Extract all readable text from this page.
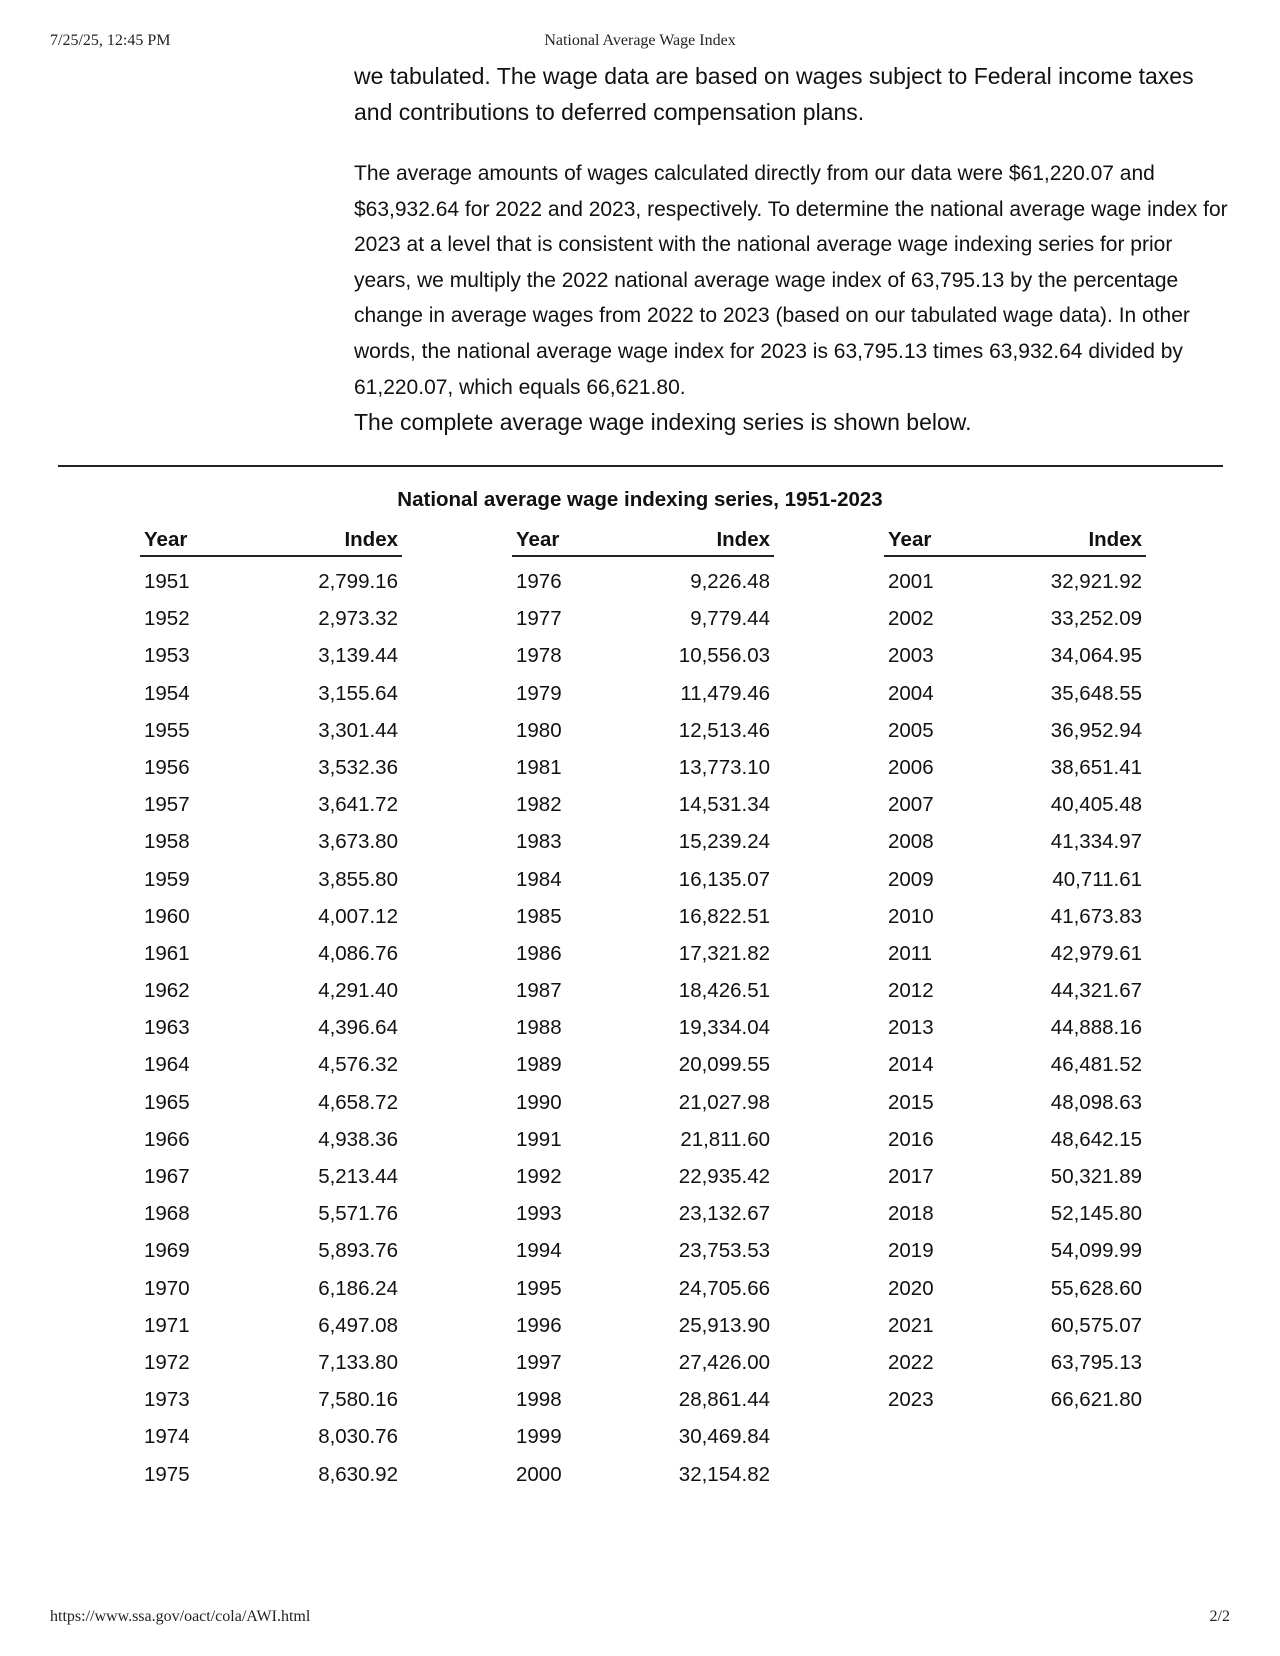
7/25/25, 12:45 PM	National Average Wage Index

we tabulated. The wage data are based on wages subject to Federal income taxes and contributions to deferred compensation plans.

The average amounts of wages calculated directly from our data were $61,220.07 and $63,932.64 for 2022 and 2023, respectively. To determine the national average wage index for 2023 at a level that is consistent with the national average wage indexing series for prior years, we multiply the 2022 national average wage index of 63,795.13 by the percentage change in average wages from 2022 to 2023 (based on our tabulated wage data). In other words, the national average wage index for 2023 is 63,795.13 times 63,932.64 divided by 61,220.07, which equals 66,621.80.

The complete average wage indexing series is shown below.

National average wage indexing series, 1951-2023
Year	Index
1951	2,799.16
1952	2,973.32
1953	3,139.44
1954	3,155.64
1955	3,301.44
1956	3,532.36
1957	3,641.72
1958	3,673.80
1959	3,855.80
1960	4,007.12
1961	4,086.76
1962	4,291.40
1963	4,396.64
1964	4,576.32
1965	4,658.72
1966	4,938.36
1967	5,213.44
1968	5,571.76
1969	5,893.76
1970	6,186.24
1971	6,497.08
1972	7,133.80
1973	7,580.16
1974	8,030.76
1975	8,630.92
Year	Index
1976	9,226.48
1977	9,779.44
1978	10,556.03
1979	11,479.46
1980	12,513.46
1981	13,773.10
1982	14,531.34
1983	15,239.24
1984	16,135.07
1985	16,822.51
1986	17,321.82
1987	18,426.51
1988	19,334.04
1989	20,099.55
1990	21,027.98
1991	21,811.60
1992	22,935.42
1993	23,132.67
1994	23,753.53
1995	24,705.66
1996	25,913.90
1997	27,426.00
1998	28,861.44
1999	30,469.84
2000	32,154.82
Year	Index
2001	32,921.92
2002	33,252.09
2003	34,064.95
2004	35,648.55
2005	36,952.94
2006	38,651.41
2007	40,405.48
2008	41,334.97
2009	40,711.61
2010	41,673.83
2011	42,979.61
2012	44,321.67
2013	44,888.16
2014	46,481.52
2015	48,098.63
2016	48,642.15
2017	50,321.89
2018	52,145.80
2019	54,099.99
2020	55,628.60
2021	60,575.07
2022	63,795.13
2023	66,621.80
https://www.ssa.gov/oact/cola/AWI.html	2/2
